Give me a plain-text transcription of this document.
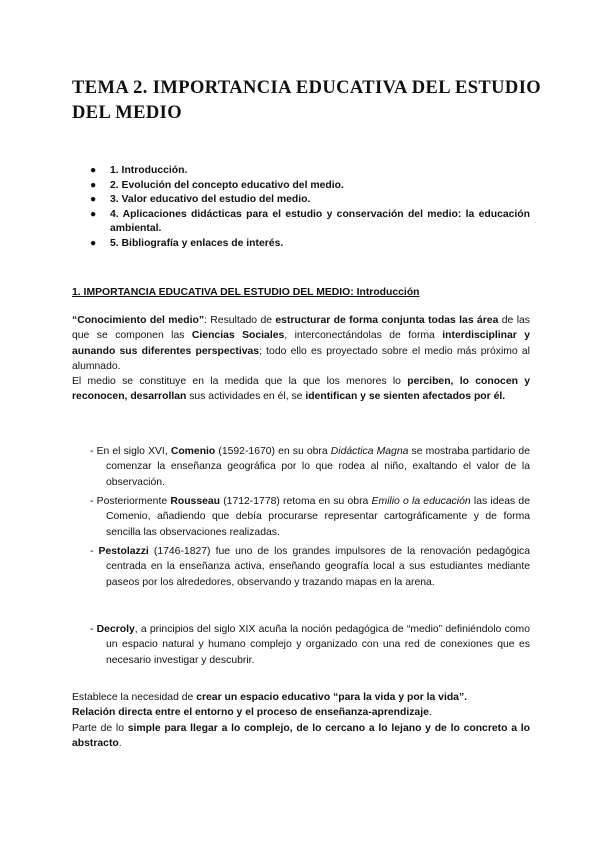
TEMA 2. IMPORTANCIA EDUCATIVA DEL ESTUDIO DEL MEDIO
● 1. Introducción.
● 2. Evolución del concepto educativo del medio.
● 3. Valor educativo del estudio del medio.
● 4. Aplicaciones didácticas para el estudio y conservación del medio: la educación ambiental.
● 5. Bibliografía y enlaces de interés.
1. IMPORTANCIA EDUCATIVA DEL ESTUDIO DEL MEDIO: Introducción

“Conocimiento del medio”: Resultado de estructurar de forma conjunta todas las área de las que se componen las Ciencias Sociales, interconectándolas de forma interdisciplinar y aunando sus diferentes perspectivas; todo ello es proyectado sobre el medio más próximo al alumnado.

El medio se constituye en la medida que la que los menores lo perciben, lo conocen y reconocen, desarrollan sus actividades en él, se identifican y se sienten afectados por él.

- En el siglo XVI, Comenio (1592-1670) en su obra Didáctica Magna se mostraba partidario de comenzar la enseñanza geográfica por lo que rodea al niño, exaltando el valor de la observación.

- Posteriormente Rousseau (1712-1778) retoma en su obra Emilio o la educación las ideas de Comenio, añadiendo que debía procurarse representar cartográficamente y de forma sencilla las observaciones realizadas.

- Pestolazzi (1746-1827) fue uno de los grandes impulsores de la renovación pedagógica centrada en la enseñanza activa, enseñando geografía local a sus estudiantes mediante paseos por los alrededores, observando y trazando mapas en la arena.

- Decroly, a principios del siglo XIX acuña la noción pedagógica de “medio” definiéndolo como un espacio natural y humano complejo y organizado con una red de conexiones que es necesario investigar y descubrir.

Establece la necesidad de crear un espacio educativo “para la vida y por la vida”.
Relación directa entre el entorno y el proceso de enseñanza-aprendizaje.
Parte de lo simple para llegar a lo complejo, de lo cercano a lo lejano y de lo concreto a lo abstracto.
